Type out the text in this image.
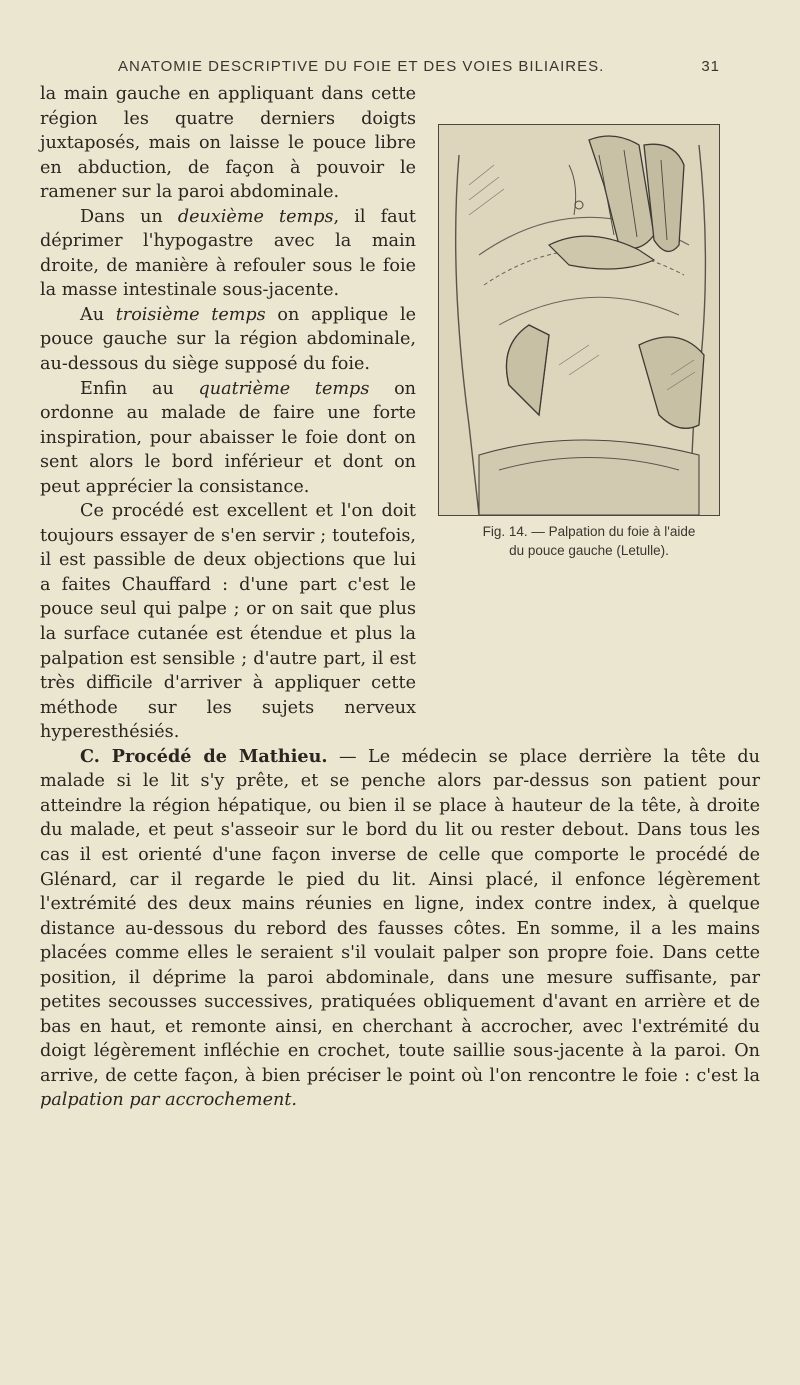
ANATOMIE DESCRIPTIVE DU FOIE ET DES VOIES BILIAIRES.	31
Fig. 14. — Palpation du foie à l'aide
du pouce gauche (Letulle).

la main gauche en appliquant dans cette région les quatre derniers doigts juxtaposés, mais on laisse le pouce libre en abduction, de façon à pouvoir le ramener sur la paroi abdominale.

Dans un deuxième temps, il faut déprimer l'hypogastre avec la main droite, de manière à refouler sous le foie la masse intestinale sous-jacente.

Au troisième temps on applique le pouce gauche sur la région abdominale, au-dessous du siège supposé du foie.

Enfin au quatrième temps on ordonne au malade de faire une forte inspiration, pour abaisser le foie dont on sent alors le bord inférieur et dont on peut apprécier la consistance.

Ce procédé est excellent et l'on doit toujours essayer de s'en servir ; toutefois, il est passible de deux objections que lui a faites Chauffard : d'une part c'est le pouce seul qui palpe ; or on sait que plus la surface cutanée est étendue et plus la palpation est sensible ; d'autre part, il est très difficile d'arriver à appliquer cette méthode sur les sujets nerveux hyperesthésiés.

C. Procédé de Mathieu. — Le médecin se place derrière la tête du malade si le lit s'y prête, et se penche alors par-dessus son patient pour atteindre la région hépatique, ou bien il se place à hauteur de la tête, à droite du malade, et peut s'asseoir sur le bord du lit ou rester debout. Dans tous les cas il est orienté d'une façon inverse de celle que comporte le procédé de Glénard, car il regarde le pied du lit. Ainsi placé, il enfonce légèrement l'extrémité des deux mains réunies en ligne, index contre index, à quelque distance au-dessous du rebord des fausses côtes. En somme, il a les mains placées comme elles le seraient s'il voulait palper son propre foie. Dans cette position, il déprime la paroi abdominale, dans une mesure suffisante, par petites secousses successives, pratiquées obliquement d'avant en arrière et de bas en haut, et remonte ainsi, en cherchant à accrocher, avec l'extrémité du doigt légèrement infléchie en crochet, toute saillie sous-jacente à la paroi. On arrive, de cette façon, à bien préciser le point où l'on rencontre le foie : c'est la palpation par accrochement.
